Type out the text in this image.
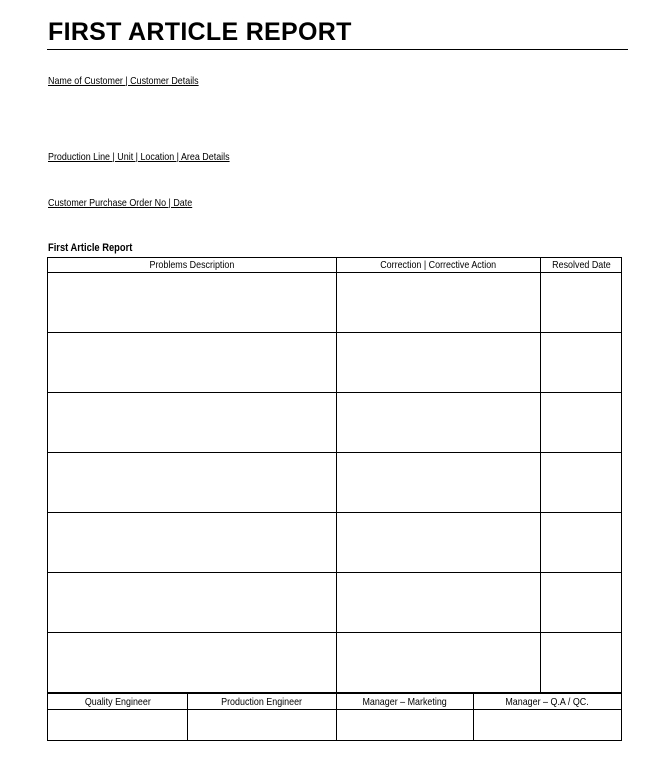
FIRST ARTICLE REPORT
Name of Customer | Customer Details
Production Line | Unit | Location | Area Details
Customer Purchase Order No | Date
First Article Report
Problems Description	Correction | Corrective Action	Resolved Date

Quality Engineer	Production Engineer	Manager – Marketing	Manager – Q.A / QC.
